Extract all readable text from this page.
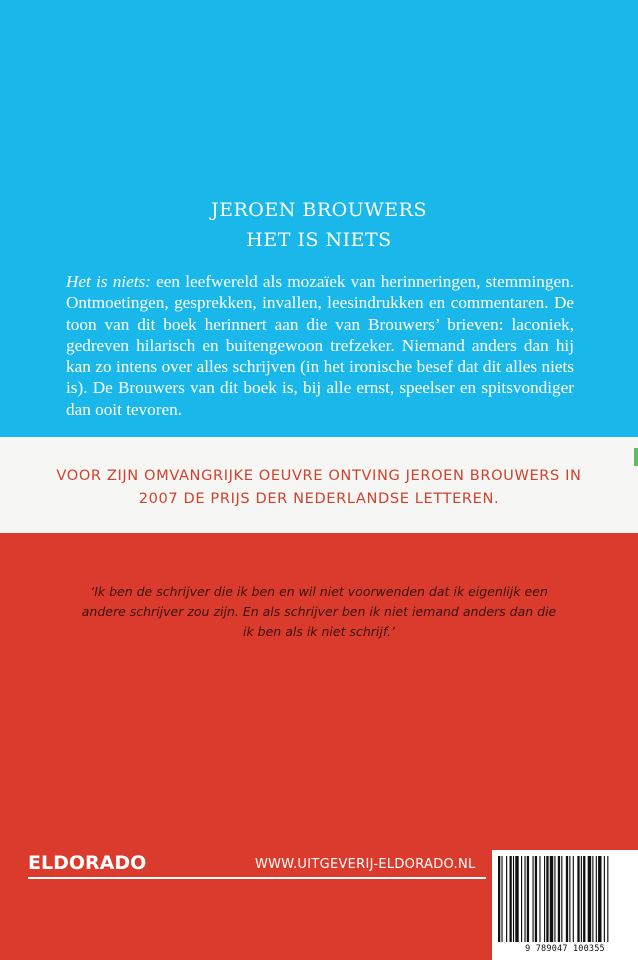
JEROEN BROUWERS

HET IS NIETS

Het is niets: een leefwereld als mozaïek van herinneringen, stemmingen. Ontmoetingen, gesprekken, invallen, leesindrukken en commentaren. De toon van dit boek herinnert aan die van Brouwers’ brieven: laconiek, gedreven hilarisch en buitengewoon trefzeker. Niemand anders dan hij kan zo intens over alles schrijven (in het ironische besef dat dit alles niets is). De Brouwers van dit boek is, bij alle ernst, speelser en spitsvondiger dan ooit tevoren.

VOOR ZIJN OMVANGRIJKE OEUVRE ONTVING JEROEN BROUWERS IN 2007 DE PRIJS DER NEDERLANDSE LETTEREN.

‘Ik ben de schrijver die ik ben en wil niet voorwenden dat ik eigenlijk een andere schrijver zou zijn. En als schrijver ben ik niet iemand anders dan die ik ben als ik niet schrijf.’

ELDORADO	WWW.UITGEVERIJ-ELDORADO.NL

9 789047 100355
